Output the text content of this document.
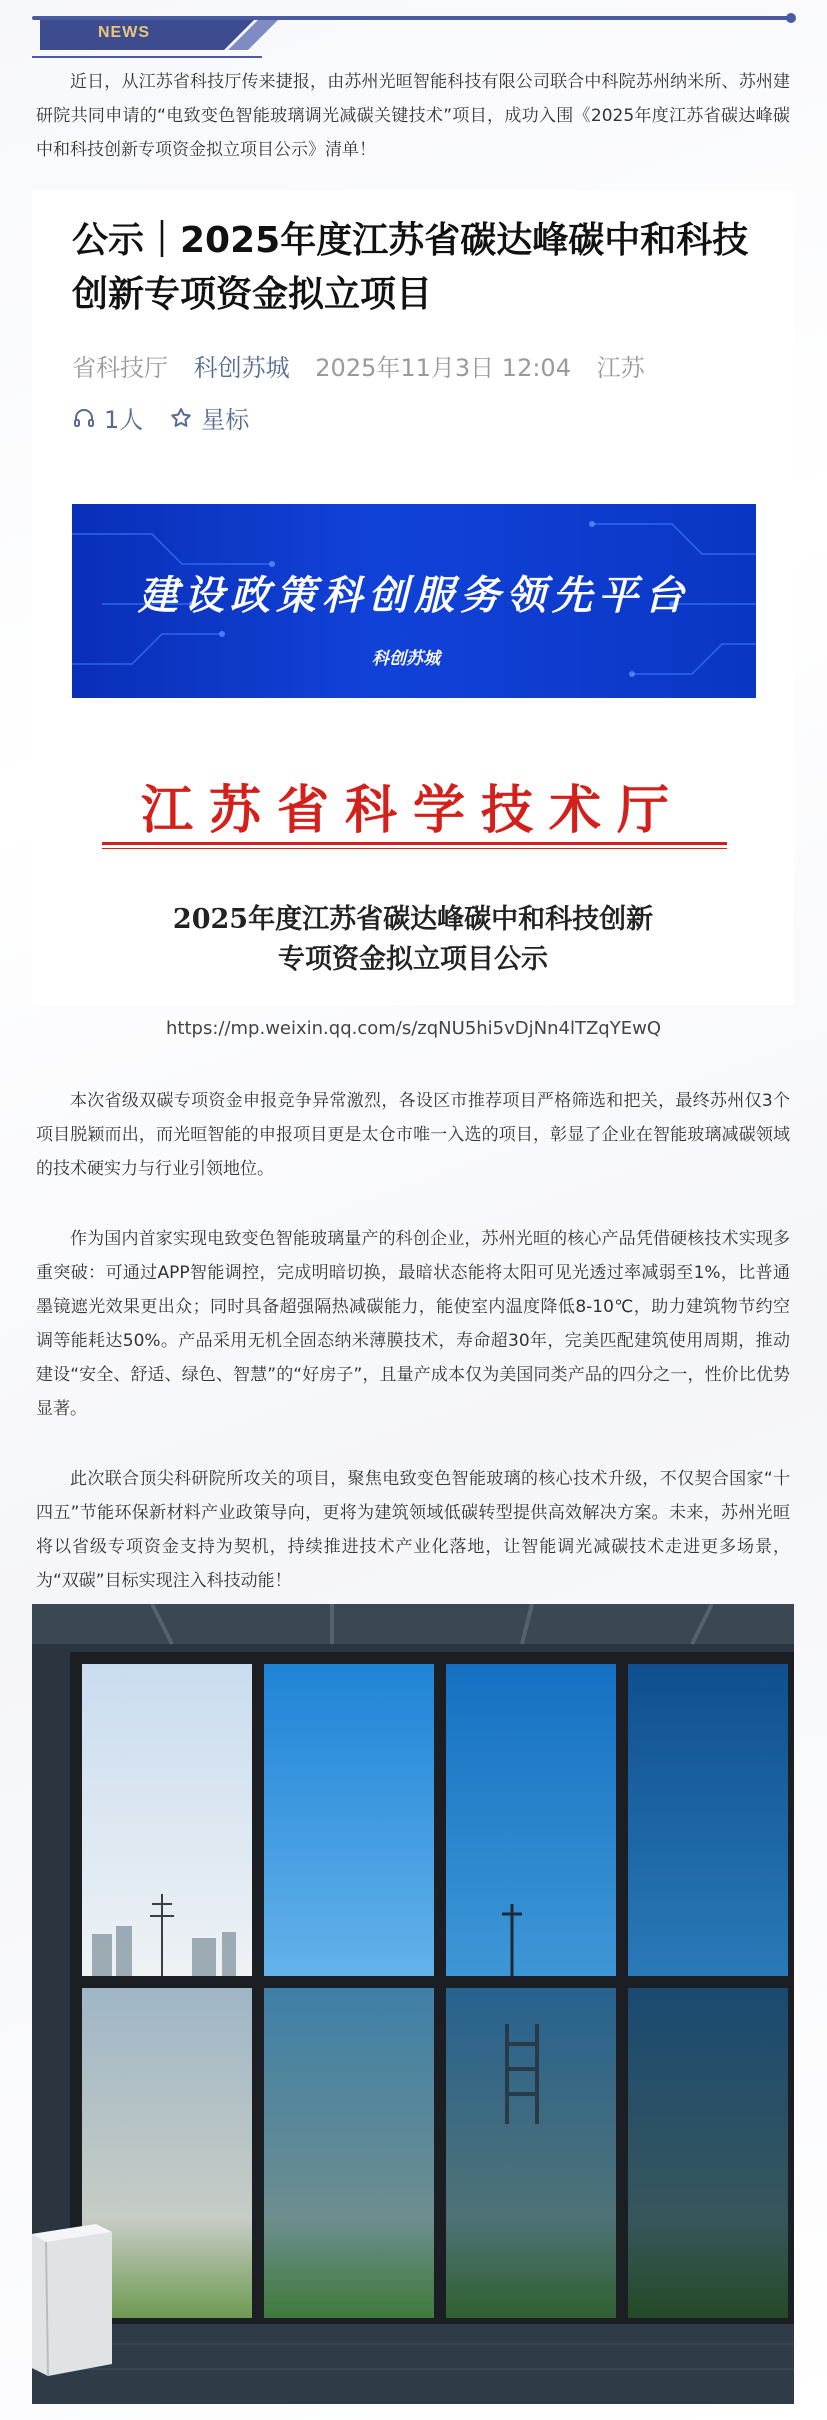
NEWS

近日，从江苏省科技厅传来捷报，由苏州光晅智能科技有限公司联合中科院苏州纳米所、苏州建研院共同申请的“电致变色智能玻璃调光减碳关键技术”项目，成功入围《2025年度江苏省碳达峰碳中和科技创新专项资金拟立项目公示》清单！

公示｜2025年度江苏省碳达峰碳中和科技创新专项资金拟立项目
省科技厅 科创苏城 2025年11月3日 12:04 江苏
1人 星标
建设政策科创服务领先平台
科创苏城
江苏省科学技术厅
2025年度江苏省碳达峰碳中和科技创新
专项资金拟立项目公示
https://mp.weixin.qq.com/s/zqNU5hi5vDjNn4lTZqYEwQ

本次省级双碳专项资金申报竞争异常激烈，各设区市推荐项目严格筛选和把关，最终苏州仅3个项目脱颖而出，而光晅智能的申报项目更是太仓市唯一入选的项目，彰显了企业在智能玻璃减碳领域的技术硬实力与行业引领地位。

作为国内首家实现电致变色智能玻璃量产的科创企业，苏州光晅的核心产品凭借硬核技术实现多重突破：可通过APP智能调控，完成明暗切换，最暗状态能将太阳可见光透过率减弱至1%，比普通墨镜遮光效果更出众；同时具备超强隔热减碳能力，能使室内温度降低8-10℃，助力建筑物节约空调等能耗达50%。产品采用无机全固态纳米薄膜技术，寿命超30年，完美匹配建筑使用周期，推动建设“安全、舒适、绿色、智慧”的“好房子”，且量产成本仅为美国同类产品的四分之一，性价比优势显著。

此次联合顶尖科研院所攻关的项目，聚焦电致变色智能玻璃的核心技术升级，不仅契合国家“十四五”节能环保新材料产业政策导向，更将为建筑领域低碳转型提供高效解决方案。未来，苏州光晅将以省级专项资金支持为契机，持续推进技术产业化落地，让智能调光减碳技术走进更多场景，为“双碳”目标实现注入科技动能！
